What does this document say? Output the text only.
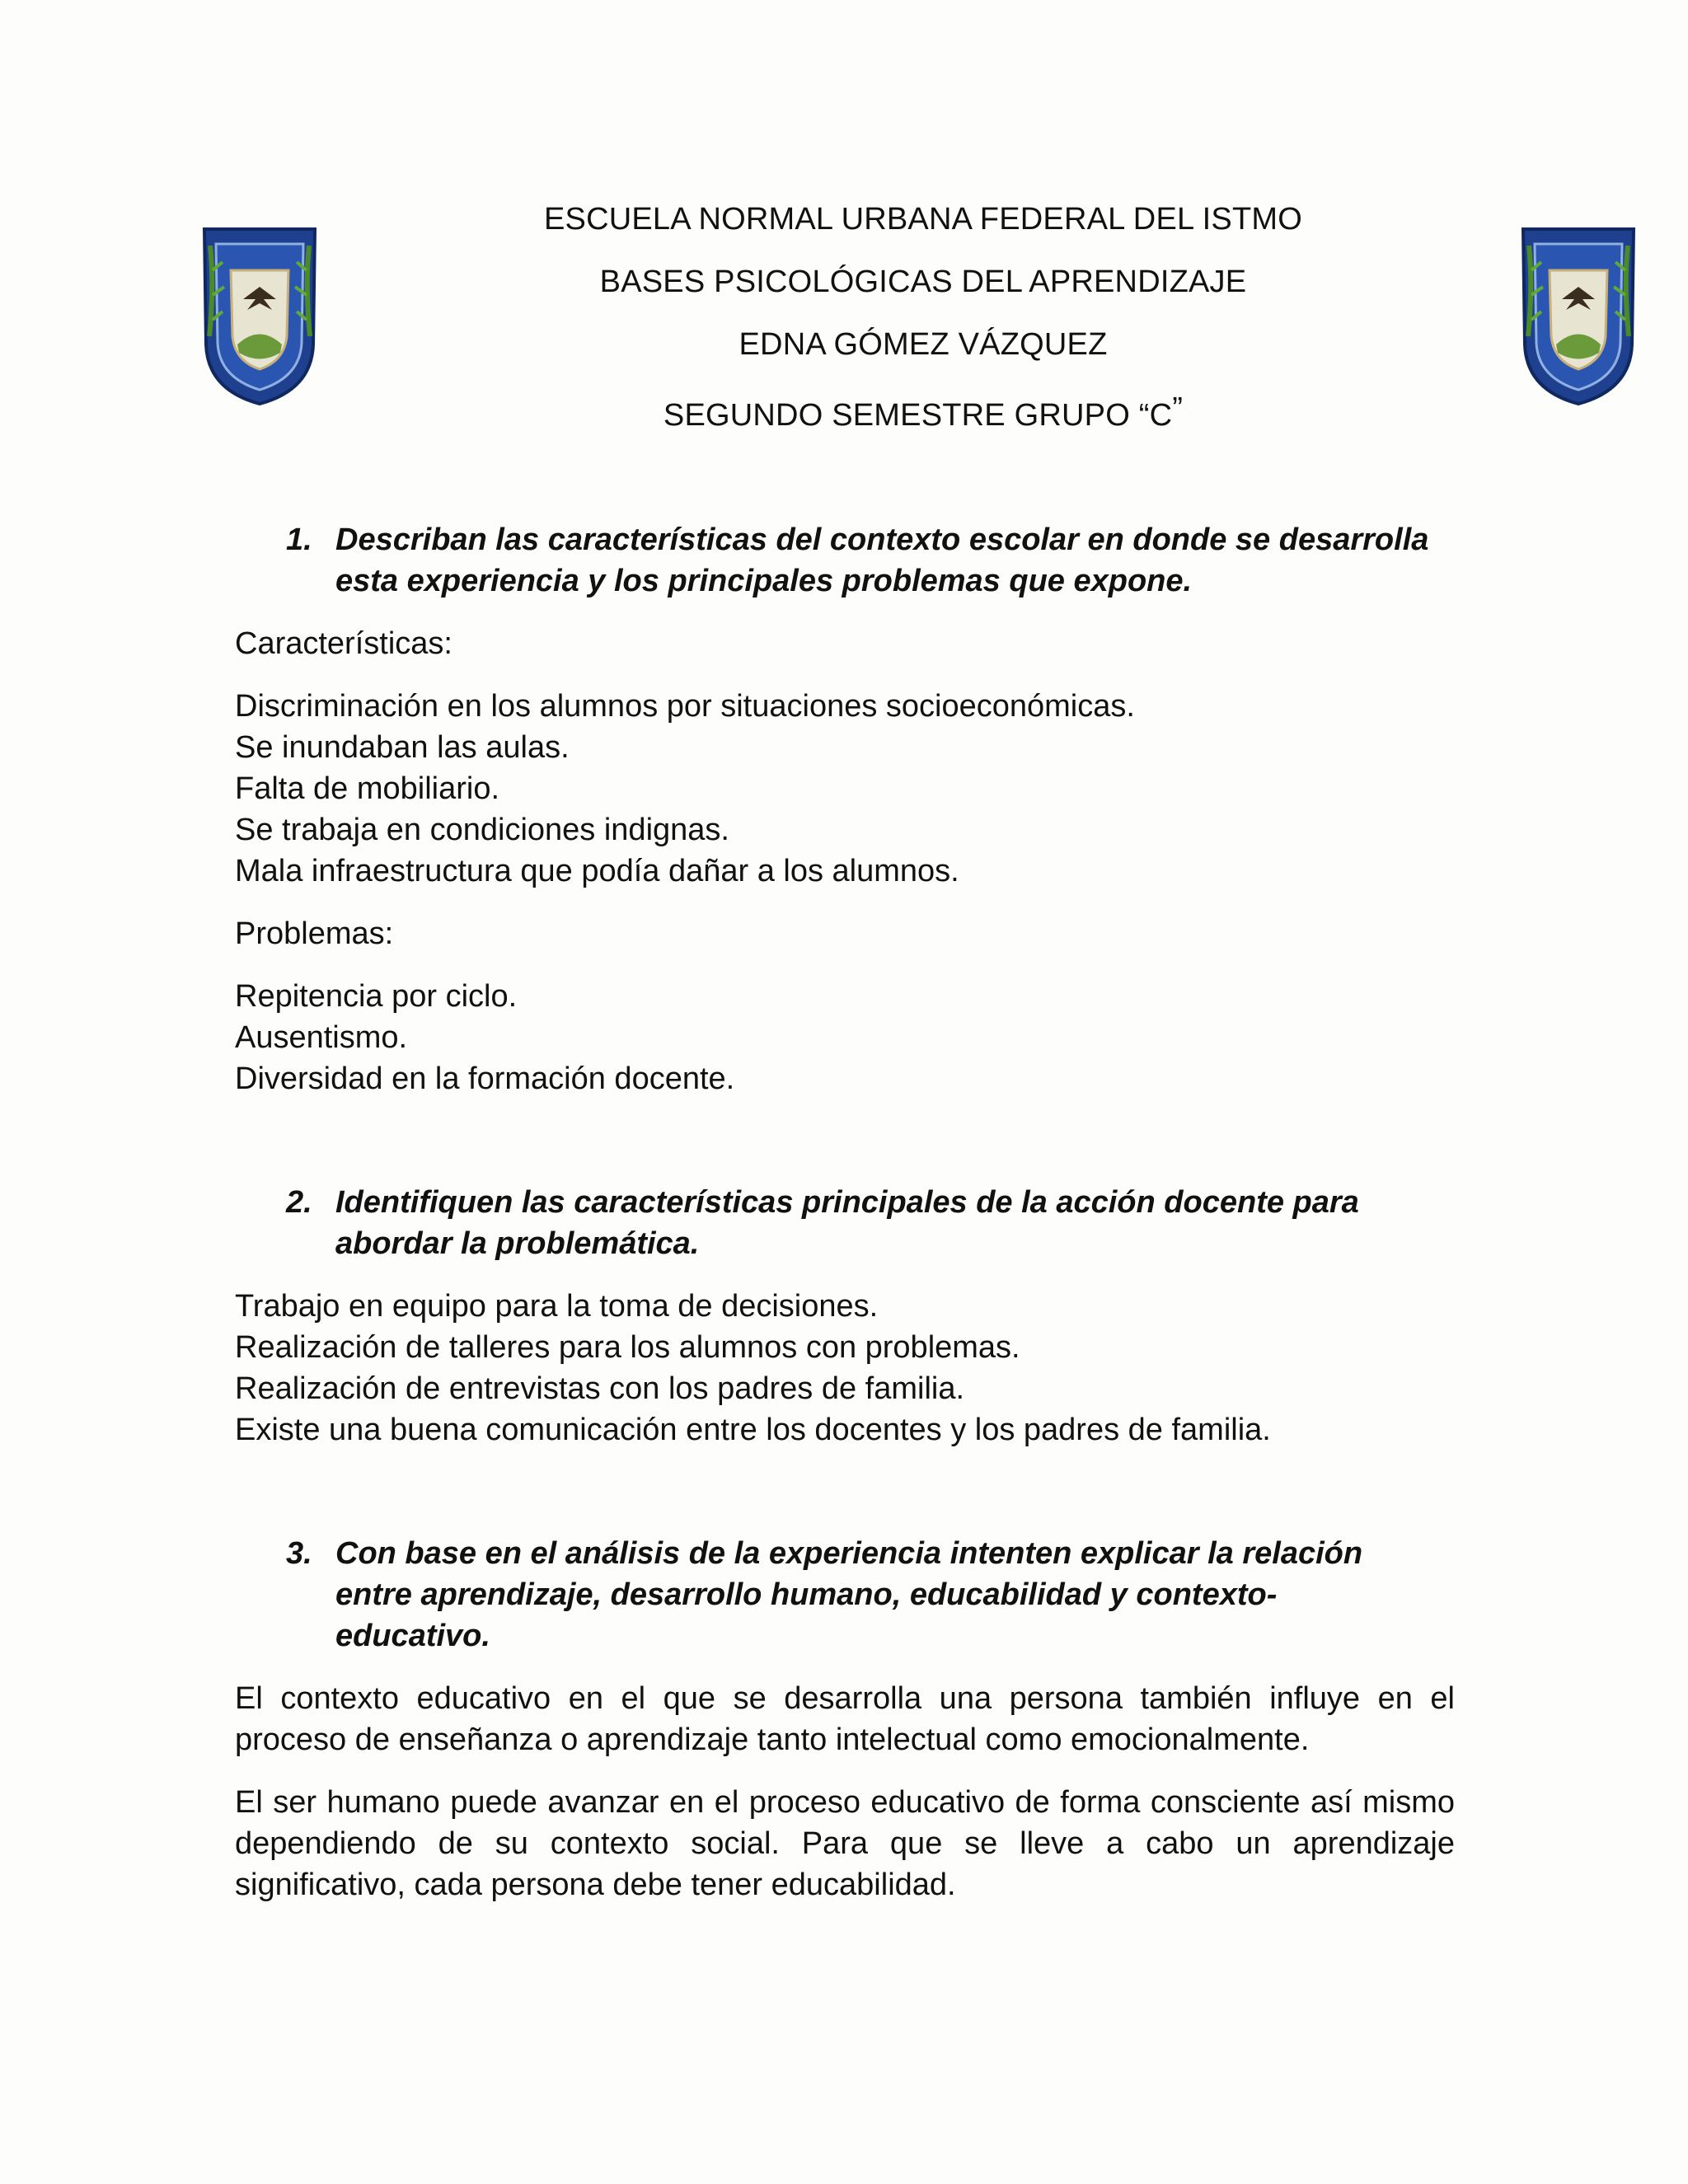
ESCUELA NORMAL URBANA FEDERAL DEL ISTMO
BASES PSICOLÓGICAS DEL APRENDIZAJE
EDNA GÓMEZ VÁZQUEZ
SEGUNDO SEMESTRE GRUPO “C”
1. Describan las características del contexto escolar en donde se desarrolla esta experiencia y los principales problemas que expone.
Características:
Discriminación en los alumnos por situaciones socioeconómicas.
Se inundaban las aulas.
Falta de mobiliario.
Se trabaja en condiciones indignas.
Mala infraestructura que podía dañar a los alumnos.
Problemas:
Repitencia por ciclo.
Ausentismo.
Diversidad en la formación docente.
2. Identifiquen las características principales de la acción docente para abordar la problemática.
Trabajo en equipo para la toma de decisiones.
Realización de talleres para los alumnos con problemas.
Realización de entrevistas con los padres de familia.
Existe una buena comunicación entre los docentes y los padres de familia.
3. Con base en el análisis de la experiencia intenten explicar la relación entre aprendizaje, desarrollo humano, educabilidad y contexto-educativo.
El contexto educativo en el que se desarrolla una persona también influye en el proceso de enseñanza o aprendizaje tanto intelectual como emocionalmente.
El ser humano puede avanzar en el proceso educativo de forma consciente así mismo dependiendo de su contexto social. Para que se lleve a cabo un aprendizaje significativo, cada persona debe tener educabilidad.
